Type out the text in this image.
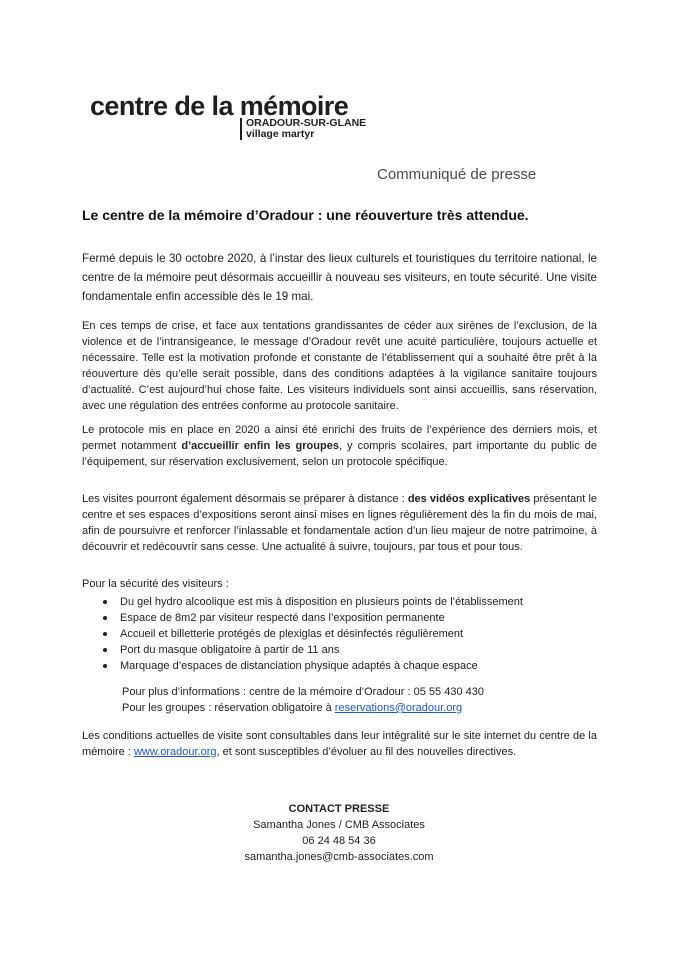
centre de la mémoire
ORADOUR-SUR-GLANE
village martyr
Communiqué de presse
Le centre de la mémoire d’Oradour : une réouverture très attendue.

Fermé depuis le 30 octobre 2020, à l’instar des lieux culturels et touristiques du territoire national, le centre de la mémoire peut désormais accueillir à nouveau ses visiteurs, en toute sécurité. Une visite fondamentale enfin accessible dès le 19 mai.

En ces temps de crise, et face aux tentations grandissantes de céder aux sirènes de l’exclusion, de la violence et de l’intransigeance, le message d’Oradour revêt une acuité particulière, toujours actuelle et nécessaire. Telle est la motivation profonde et constante de l’établissement qui a souhaité être prêt à la réouverture dès qu’elle serait possible, dans des conditions adaptées à la vigilance sanitaire toujours d’actualité. C’est aujourd’hui chose faite. Les visiteurs individuels sont ainsi accueillis, sans réservation, avec une régulation des entrées conforme au protocole sanitaire.

Le protocole mis en place en 2020 a ainsi été enrichi des fruits de l’expérience des derniers mois, et permet notamment d’accueillir enfin les groupes, y compris scolaires, part importante du public de l’équipement, sur réservation exclusivement, selon un protocole spécifique.

Les visites pourront également désormais se préparer à distance : des vidéos explicatives présentant le centre et ses espaces d’expositions seront ainsi mises en lignes régulièrement dès la fin du mois de mai, afin de poursuivre et renforcer l’inlassable et fondamentale action d’un lieu majeur de notre patrimoine, à découvrir et redécouvrir sans cesse. Une actualité à suivre, toujours, par tous et pour tous.

Pour la sécurité des visiteurs :
Du gel hydro alcoolique est mis à disposition en plusieurs points de l’établissement
Espace de 8m2 par visiteur respecté dans l’exposition permanente
Accueil et billetterie protégés de plexiglas et désinfectés régulièrement
Port du masque obligatoire à partir de 11 ans
Marquage d’espaces de distanciation physique adaptés à chaque espace
Pour plus d’informations : centre de la mémoire d’Oradour : 05 55 430 430
Pour les groupes : réservation obligatoire à reservations@oradour.org

Les conditions actuelles de visite sont consultables dans leur intégralité sur le site internet du centre de la mémoire : www.oradour.org, et sont susceptibles d’évoluer au fil des nouvelles directives.

CONTACT PRESSE
Samantha Jones / CMB Associates
06 24 48 54 36
samantha.jones@cmb-associates.com
